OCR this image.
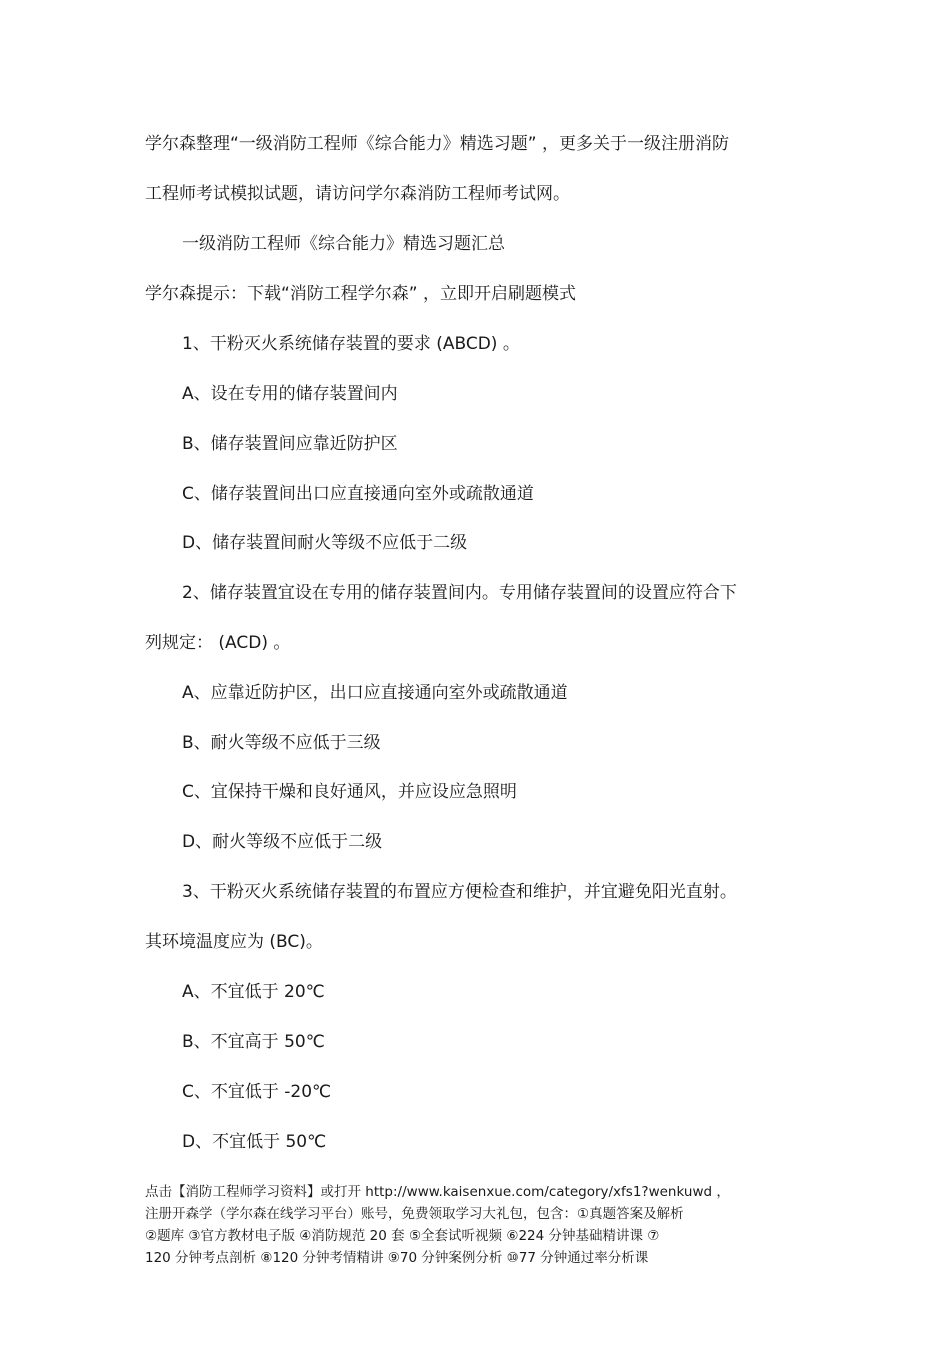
学尔森整理“一级消防工程师《综合能力》精选习题” ，更多关于一级注册消防
工程师考试模拟试题，请访问学尔森消防工程师考试网。
一级消防工程师《综合能力》精选习题汇总
学尔森提示：下载“消防工程学尔森” ，立即开启刷题模式
1、干粉灭火系统储存装置的要求 (ABCD) 。
A、设在专用的储存装置间内
B、储存装置间应靠近防护区
C、储存装置间出口应直接通向室外或疏散通道
D、储存装置间耐火等级不应低于二级
2、储存装置宜设在专用的储存装置间内。专用储存装置间的设置应符合下
列规定： (ACD) 。
A、应靠近防护区，出口应直接通向室外或疏散通道
B、耐火等级不应低于三级
C、宜保持干燥和良好通风，并应设应急照明
D、耐火等级不应低于二级
3、干粉灭火系统储存装置的布置应方便检查和维护，并宜避免阳光直射。
其环境温度应为 (BC)。
A、不宜低于 20℃
B、不宜高于 50℃
C、不宜低于 -20℃
D、不宜低于 50℃
点击【消防工程师学习资料】或打开 http://www.kaisenxue.com/category/xfs1?wenkuwd ，
注册开森学（学尔森在线学习平台）账号，免费领取学习大礼包，包含：①真题答案及解析
②题库 ③官方教材电子版 ④消防规范 20 套 ⑤全套试听视频 ⑥224 分钟基础精讲课 ⑦
120 分钟考点剖析 ⑧120 分钟考情精讲 ⑨70 分钟案例分析 ⑩77 分钟通过率分析课
